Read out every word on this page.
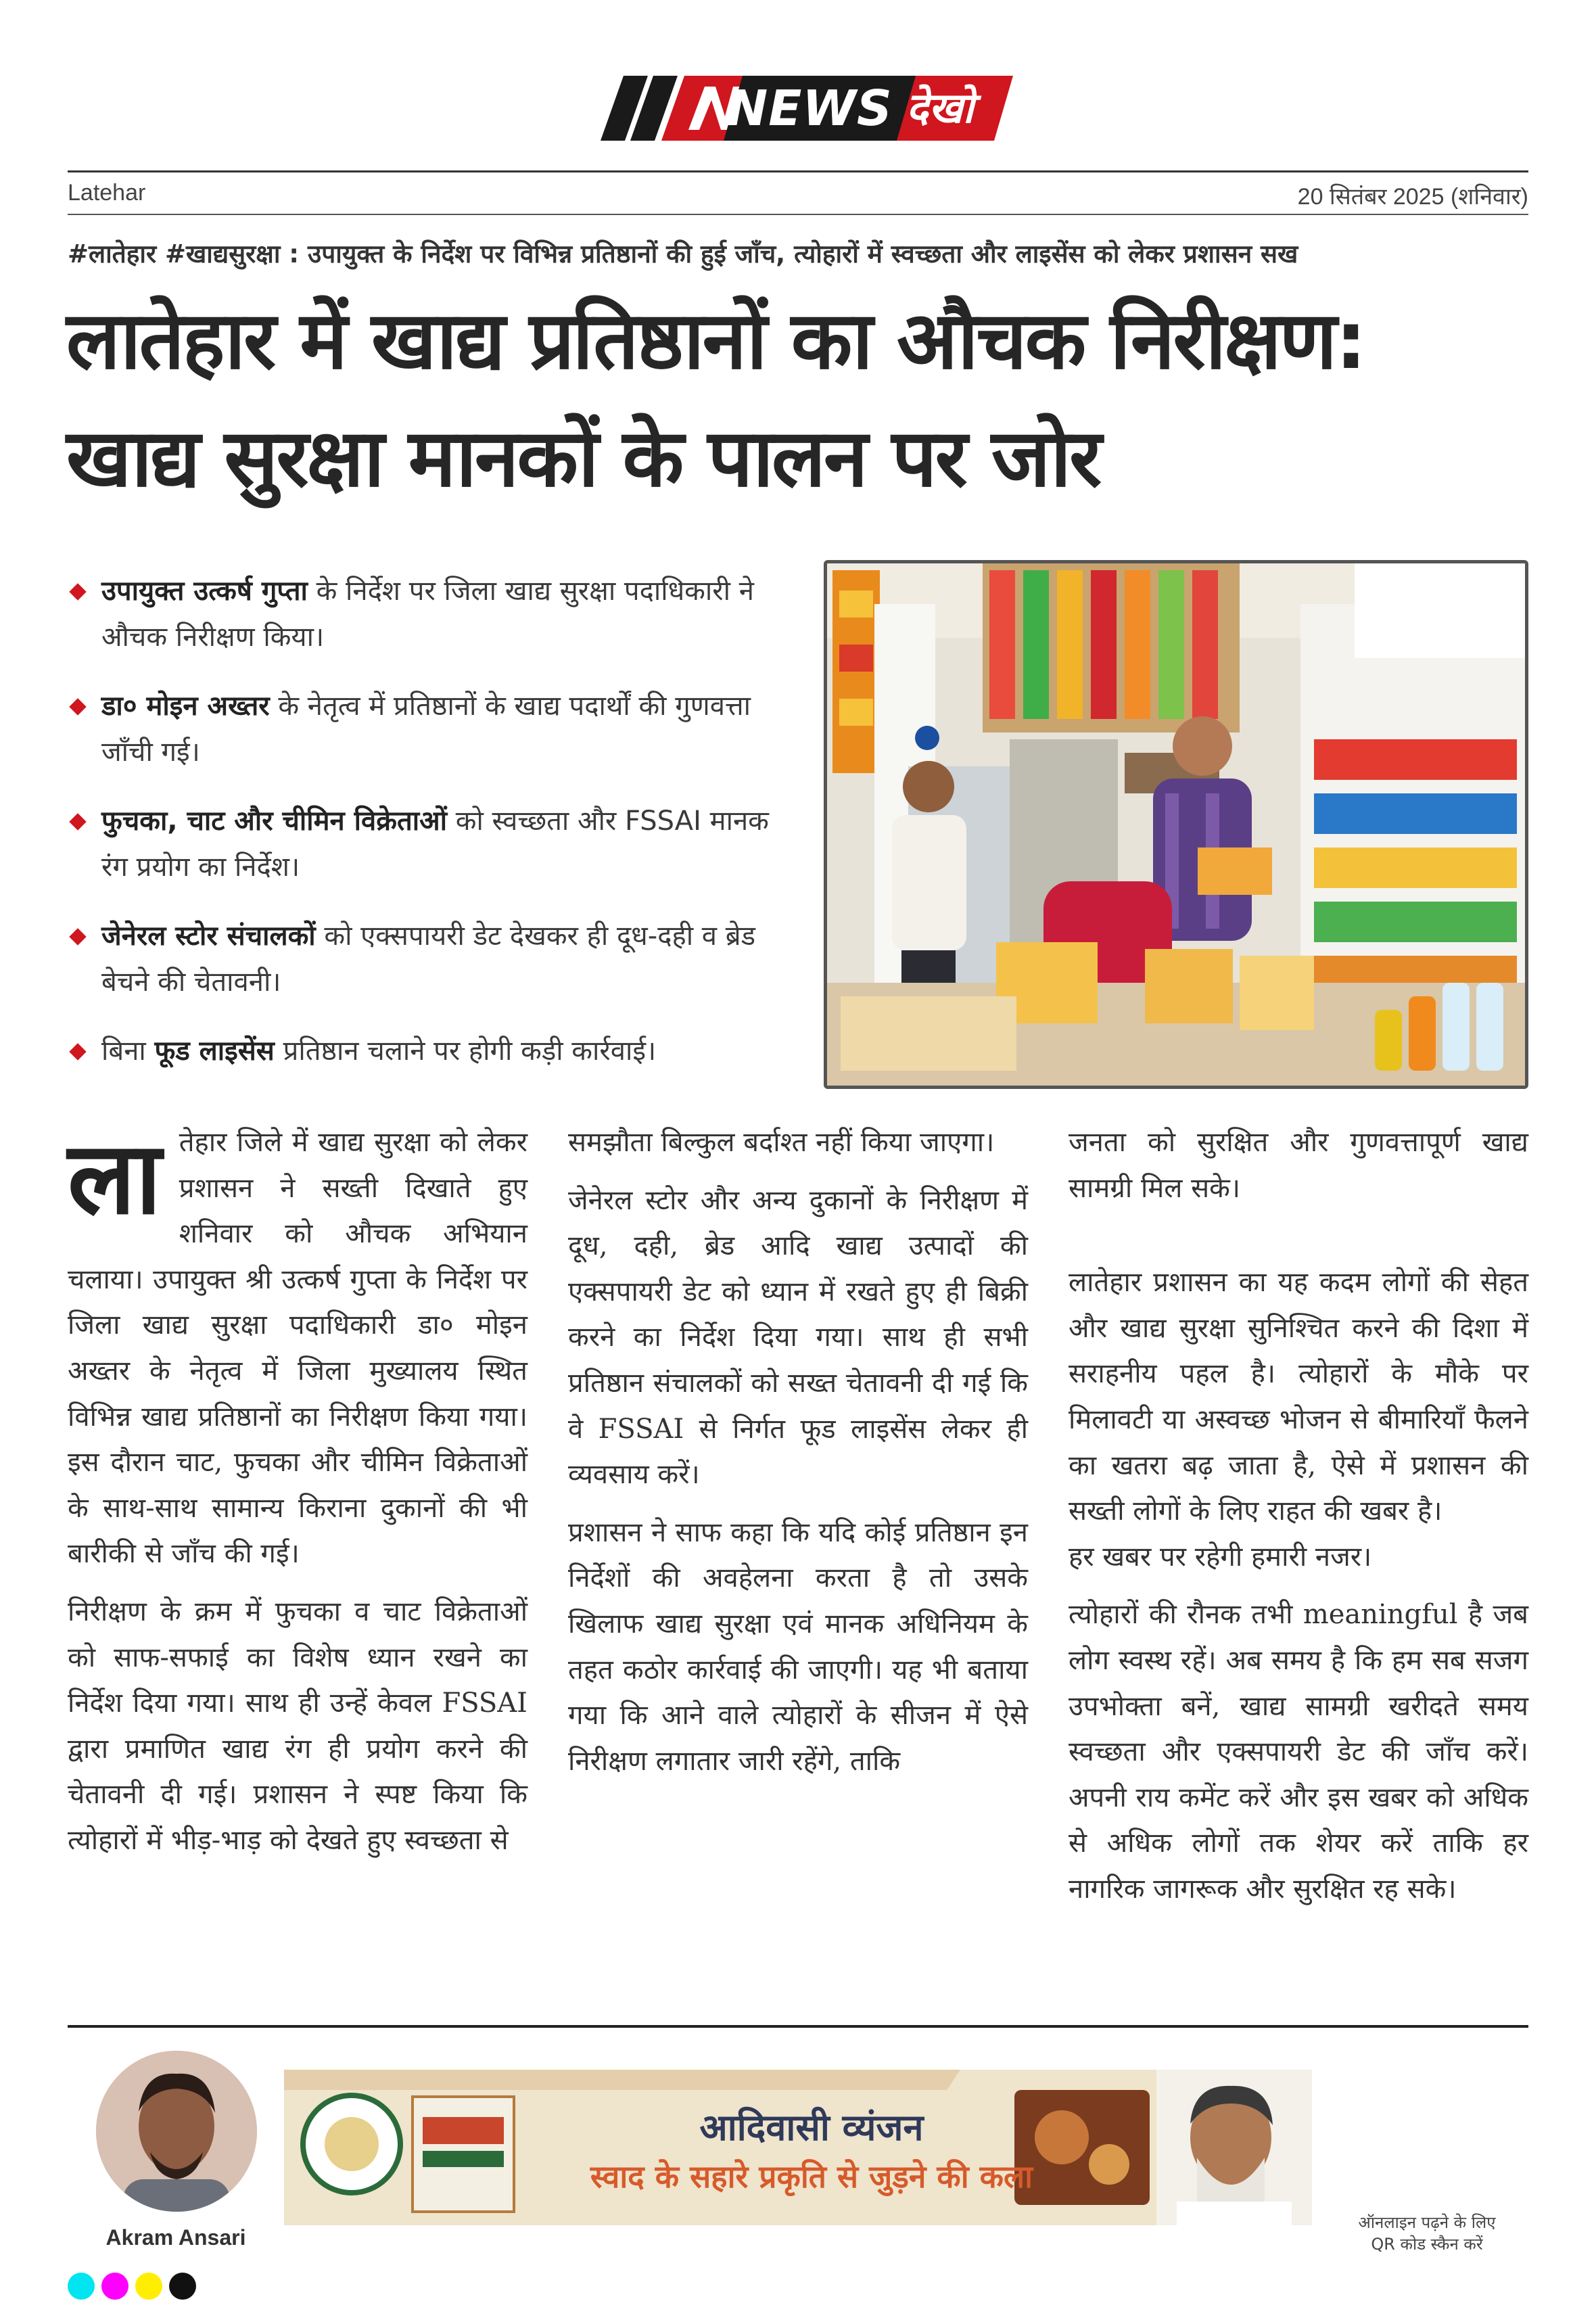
NEWS देखो
Latehar	20 सितंबर 2025 (शनिवार)
#लातेहार #खाद्यसुरक्षा : उपायुक्त के निर्देश पर विभिन्न प्रतिष्ठानों की हुई जाँच, त्योहारों में स्वच्छता और लाइसेंस को लेकर प्रशासन सख
लातेहार में खाद्य प्रतिष्ठानों का औचक निरीक्षण:
खाद्य सुरक्षा मानकों के पालन पर जोर
उपायुक्त उत्कर्ष गुप्ता के निर्देश पर जिला खाद्य सुरक्षा पदाधिकारी ने औचक निरीक्षण किया।
डा० मोइन अख्तर के नेतृत्व में प्रतिष्ठानों के खाद्य पदार्थों की गुणवत्ता जाँची गई।
फुचका, चाट और चीमिन विक्रेताओं को स्वच्छता और FSSAI मानक रंग प्रयोग का निर्देश।
जेनेरल स्टोर संचालकों को एक्सपायरी डेट देखकर ही दूध-दही व ब्रेड बेचने की चेतावनी।
बिना फूड लाइसेंस प्रतिष्ठान चलाने पर होगी कड़ी कार्रवाई।

लातेहार जिले में खाद्य सुरक्षा को लेकर प्रशासन ने सख्ती दिखाते हुए शनिवार को औचक अभियान चलाया। उपायुक्त श्री उत्कर्ष गुप्ता के निर्देश पर जिला खाद्य सुरक्षा पदाधिकारी डा० मोइन अख्तर के नेतृत्व में जिला मुख्यालय स्थित विभिन्न खाद्य प्रतिष्ठानों का निरीक्षण किया गया। इस दौरान चाट, फुचका और चीमिन विक्रेताओं के साथ-साथ सामान्य किराना दुकानों की भी बारीकी से जाँच की गई।

निरीक्षण के क्रम में फुचका व चाट विक्रेताओं को साफ-सफाई का विशेष ध्यान रखने का निर्देश दिया गया। साथ ही उन्हें केवल FSSAI द्वारा प्रमाणित खाद्य रंग ही प्रयोग करने की चेतावनी दी गई। प्रशासन ने स्पष्ट किया कि त्योहारों में भीड़-भाड़ को देखते हुए स्वच्छता से

समझौता बिल्कुल बर्दाश्त नहीं किया जाएगा।

जेनेरल स्टोर और अन्य दुकानों के निरीक्षण में दूध, दही, ब्रेड आदि खाद्य उत्पादों की एक्सपायरी डेट को ध्यान में रखते हुए ही बिक्री करने का निर्देश दिया गया। साथ ही सभी प्रतिष्ठान संचालकों को सख्त चेतावनी दी गई कि वे FSSAI से निर्गत फूड लाइसेंस लेकर ही व्यवसाय करें।

प्रशासन ने साफ कहा कि यदि कोई प्रतिष्ठान इन निर्देशों की अवहेलना करता है तो उसके खिलाफ खाद्य सुरक्षा एवं मानक अधिनियम के तहत कठोर कार्रवाई की जाएगी। यह भी बताया गया कि आने वाले त्योहारों के सीजन में ऐसे निरीक्षण लगातार जारी रहेंगे, ताकि

जनता को सुरक्षित और गुणवत्तापूर्ण खाद्य सामग्री मिल सके।

लातेहार प्रशासन का यह कदम लोगों की सेहत और खाद्य सुरक्षा सुनिश्चित करने की दिशा में सराहनीय पहल है। त्योहारों के मौके पर मिलावटी या अस्वच्छ भोजन से बीमारियाँ फैलने का खतरा बढ़ जाता है, ऐसे में प्रशासन की सख्ती लोगों के लिए राहत की खबर है।

हर खबर पर रहेगी हमारी नजर।

त्योहारों की रौनक तभी meaningful है जब लोग स्वस्थ रहें। अब समय है कि हम सब सजग उपभोक्ता बनें, खाद्य सामग्री खरीदते समय स्वच्छता और एक्सपायरी डेट की जाँच करें। अपनी राय कमेंट करें और इस खबर को अधिक से अधिक लोगों तक शेयर करें ताकि हर नागरिक जागरूक और सुरक्षित रह सके।

Akram Ansari
आदिवासी व्यंजन
स्वाद के सहारे प्रकृति से जुड़ने की कला
ऑनलाइन पढ़ने के लिए
QR कोड स्कैन करें
